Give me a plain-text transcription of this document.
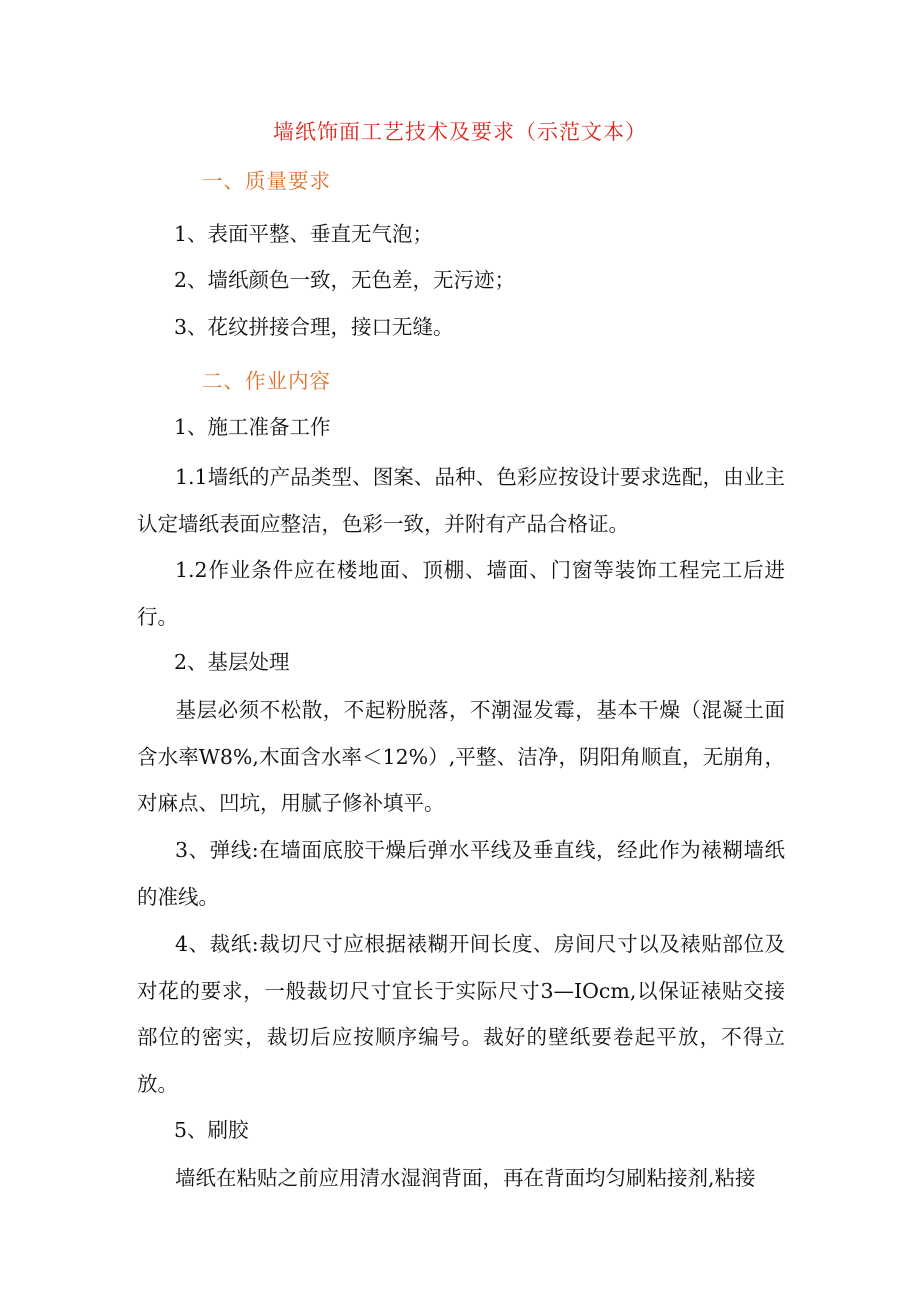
墙纸饰面工艺技术及要求（示范文本）
一、质量要求
1、表面平整、垂直无气泡；
2、墙纸颜色一致，无色差，无污迹；
3、花纹拼接合理，接口无缝。
二、作业内容
1、施工准备工作
1.1墙纸的产品类型、图案、品种、色彩应按设计要求选配，由业主认定墙纸表面应整洁，色彩一致，并附有产品合格证。
1.2作业条件应在楼地面、顶棚、墙面、门窗等装饰工程完工后进行。
2、基层处理
基层必须不松散，不起粉脱落，不潮湿发霉，基本干燥（混凝土面含水率W8%,木面含水率＜12%）,平整、洁净，阴阳角顺直，无崩角，对麻点、凹坑，用腻子修补填平。
3、弹线:在墙面底胶干燥后弹水平线及垂直线，经此作为裱糊墙纸的准线。
4、裁纸:裁切尺寸应根据裱糊开间长度、房间尺寸以及裱贴部位及对花的要求，一般裁切尺寸宜长于实际尺寸3—IOcm,以保证裱贴交接部位的密实，裁切后应按顺序编号。裁好的壁纸要卷起平放，不得立放。
5、刷胶
墙纸在粘贴之前应用清水湿润背面，再在背面均匀刷粘接剂,粘接
